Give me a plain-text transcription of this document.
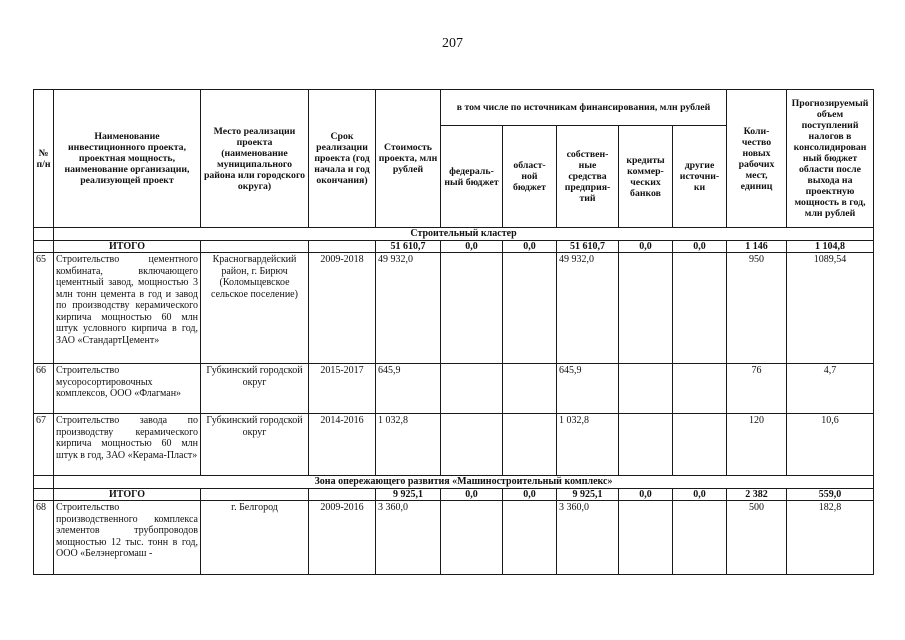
207
№ п/н	Наименование инвестиционного проекта, проектная мощность, наименование организации, реализующей проект	Место реализации проекта (наименование муниципального района или городского округа)	Срок реализации проекта (год начала и год окончания)	Стоимость проекта, млн рублей	в том числе по источникам финансирования, млн рублей					Коли- чество новых рабочих мест, единиц	Прогнозируемый объем поступлений налогов в консолидирован ный бюджет области после выхода на проектную мощность в год, млн рублей
					федераль- ный бюджет	област- ной бюджет	собствен- ные средства предприя- тий	кредиты коммер- ческих банков	другие источни- ки		
	Строительный кластер										
	ИТОГО			51 610,7	0,0	0,0	51 610,7	0,0	0,0	1 146	1 104,8
65	Строительство цементного комбината, включающего цементный завод, мощностью 3 млн тонн цемента в год и завод по производству керамического кирпича мощностью 60 млн штук условного кирпича в год, ЗАО «СтандартЦемент»	Красногвардейский район, г. Бирюч (Коломыцевское сельское поселение)	2009-2018	49 932,0			49 932,0			950	1089,54
66	Строительство мусоросортировочных комплексов, ООО «Флагман»	Губкинский городской округ	2015-2017	645,9			645,9			76	4,7
67	Строительство завода по производству керамического кирпича мощностью 60 млн штук в год, ЗАО «Керама-Пласт»	Губкинский городской округ	2014-2016	1 032,8			1 032,8			120	10,6
	Зона опережающего развития «Машиностроительный комплекс»										
	ИТОГО			9 925,1	0,0	0,0	9 925,1	0,0	0,0	2 382	559,0
68	Строительство производственного комплекса элементов трубопроводов мощностью 12 тыс. тонн в год, ООО «Белэнергомаш -	г. Белгород	2009-2016	3 360,0			3 360,0			500	182,8
